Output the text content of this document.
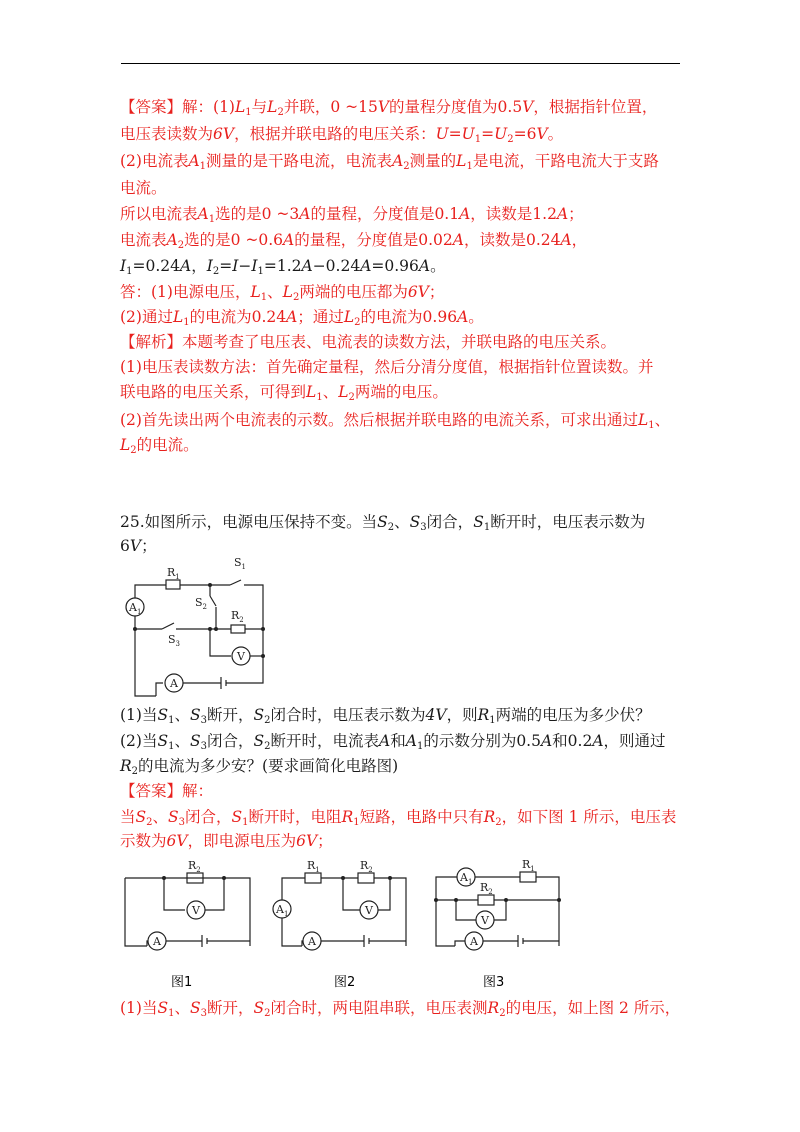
【答案】解：$(1)L_1$与$L_2$并联，0 ~15V的量程分度值为0.5V，根据指针位置，
电压表读数为6V，根据并联电路的电压关系：$U=U_1=U_2=6V$。
(2)电流表$A_1$测量的是干路电流，电流表$A_2$测量的$L_1$是电流，干路电流大于支路
电流。
所以电流表$A_1$选的是0 ~3A的量程，分度值是0.1A，读数是1.2A；
电流表$A_2$选的是0 ~0.6A的量程，分度值是0.02A，读数是0.24A，
$I_1=0.24A$，$I_2=I-I_1=1.2A-0.24A=0.96A$。
答：(1)电源电压，$L_1$、$L_2$两端的电压都为6V；
(2)通过$L_1$的电流为0.24A；通过$L_2$的电流为0.96A。
【解析】本题考查了电压表、电流表的读数方法，并联电路的电压关系。
(1)电压表读数方法：首先确定量程，然后分清分度值，根据指针位置读数。并
联电路的电压关系，可得到$L_1$、$L_2$两端的电压。
(2)首先读出两个电流表的示数。然后根据并联电路的电流关系，可求出通过$L_1$、
$L_2$的电流。
25.如图所示，电源电压保持不变。当$S_2$、$S_3$闭合，$S_1$断开时，电压表示数为
6V；
$R_1$
$S_1$
$S_2$
$R_2$
$S_3$
$A_1$
V
A
(1)当$S_1$、$S_3$断开，$S_2$闭合时，电压表示数为4V，则$R_1$两端的电压为多少伏？
(2)当$S_1$、$S_3$闭合，$S_2$断开时，电流表A和$A_1$的示数分别为0.5A和0.2A，则通过
$R_2$的电流为多少安？(要求画简化电路图)
【答案】解：
当$S_2$、$S_3$闭合，$S_1$断开时，电阻$R_1$短路，电路中只有$R_2$，如下图 1 所示，电压表
示数为6V，即电源电压为6V；
$R_2$
V
A
$R_1$	$R_2$
$A_1$	V
A
$A_1$
$R_1$
$R_2$
V
A
图1	图2	图3
(1)当$S_1$、$S_3$断开，$S_2$闭合时，两电阻串联，电压表测$R_2$的电压，如上图 2 所示，
